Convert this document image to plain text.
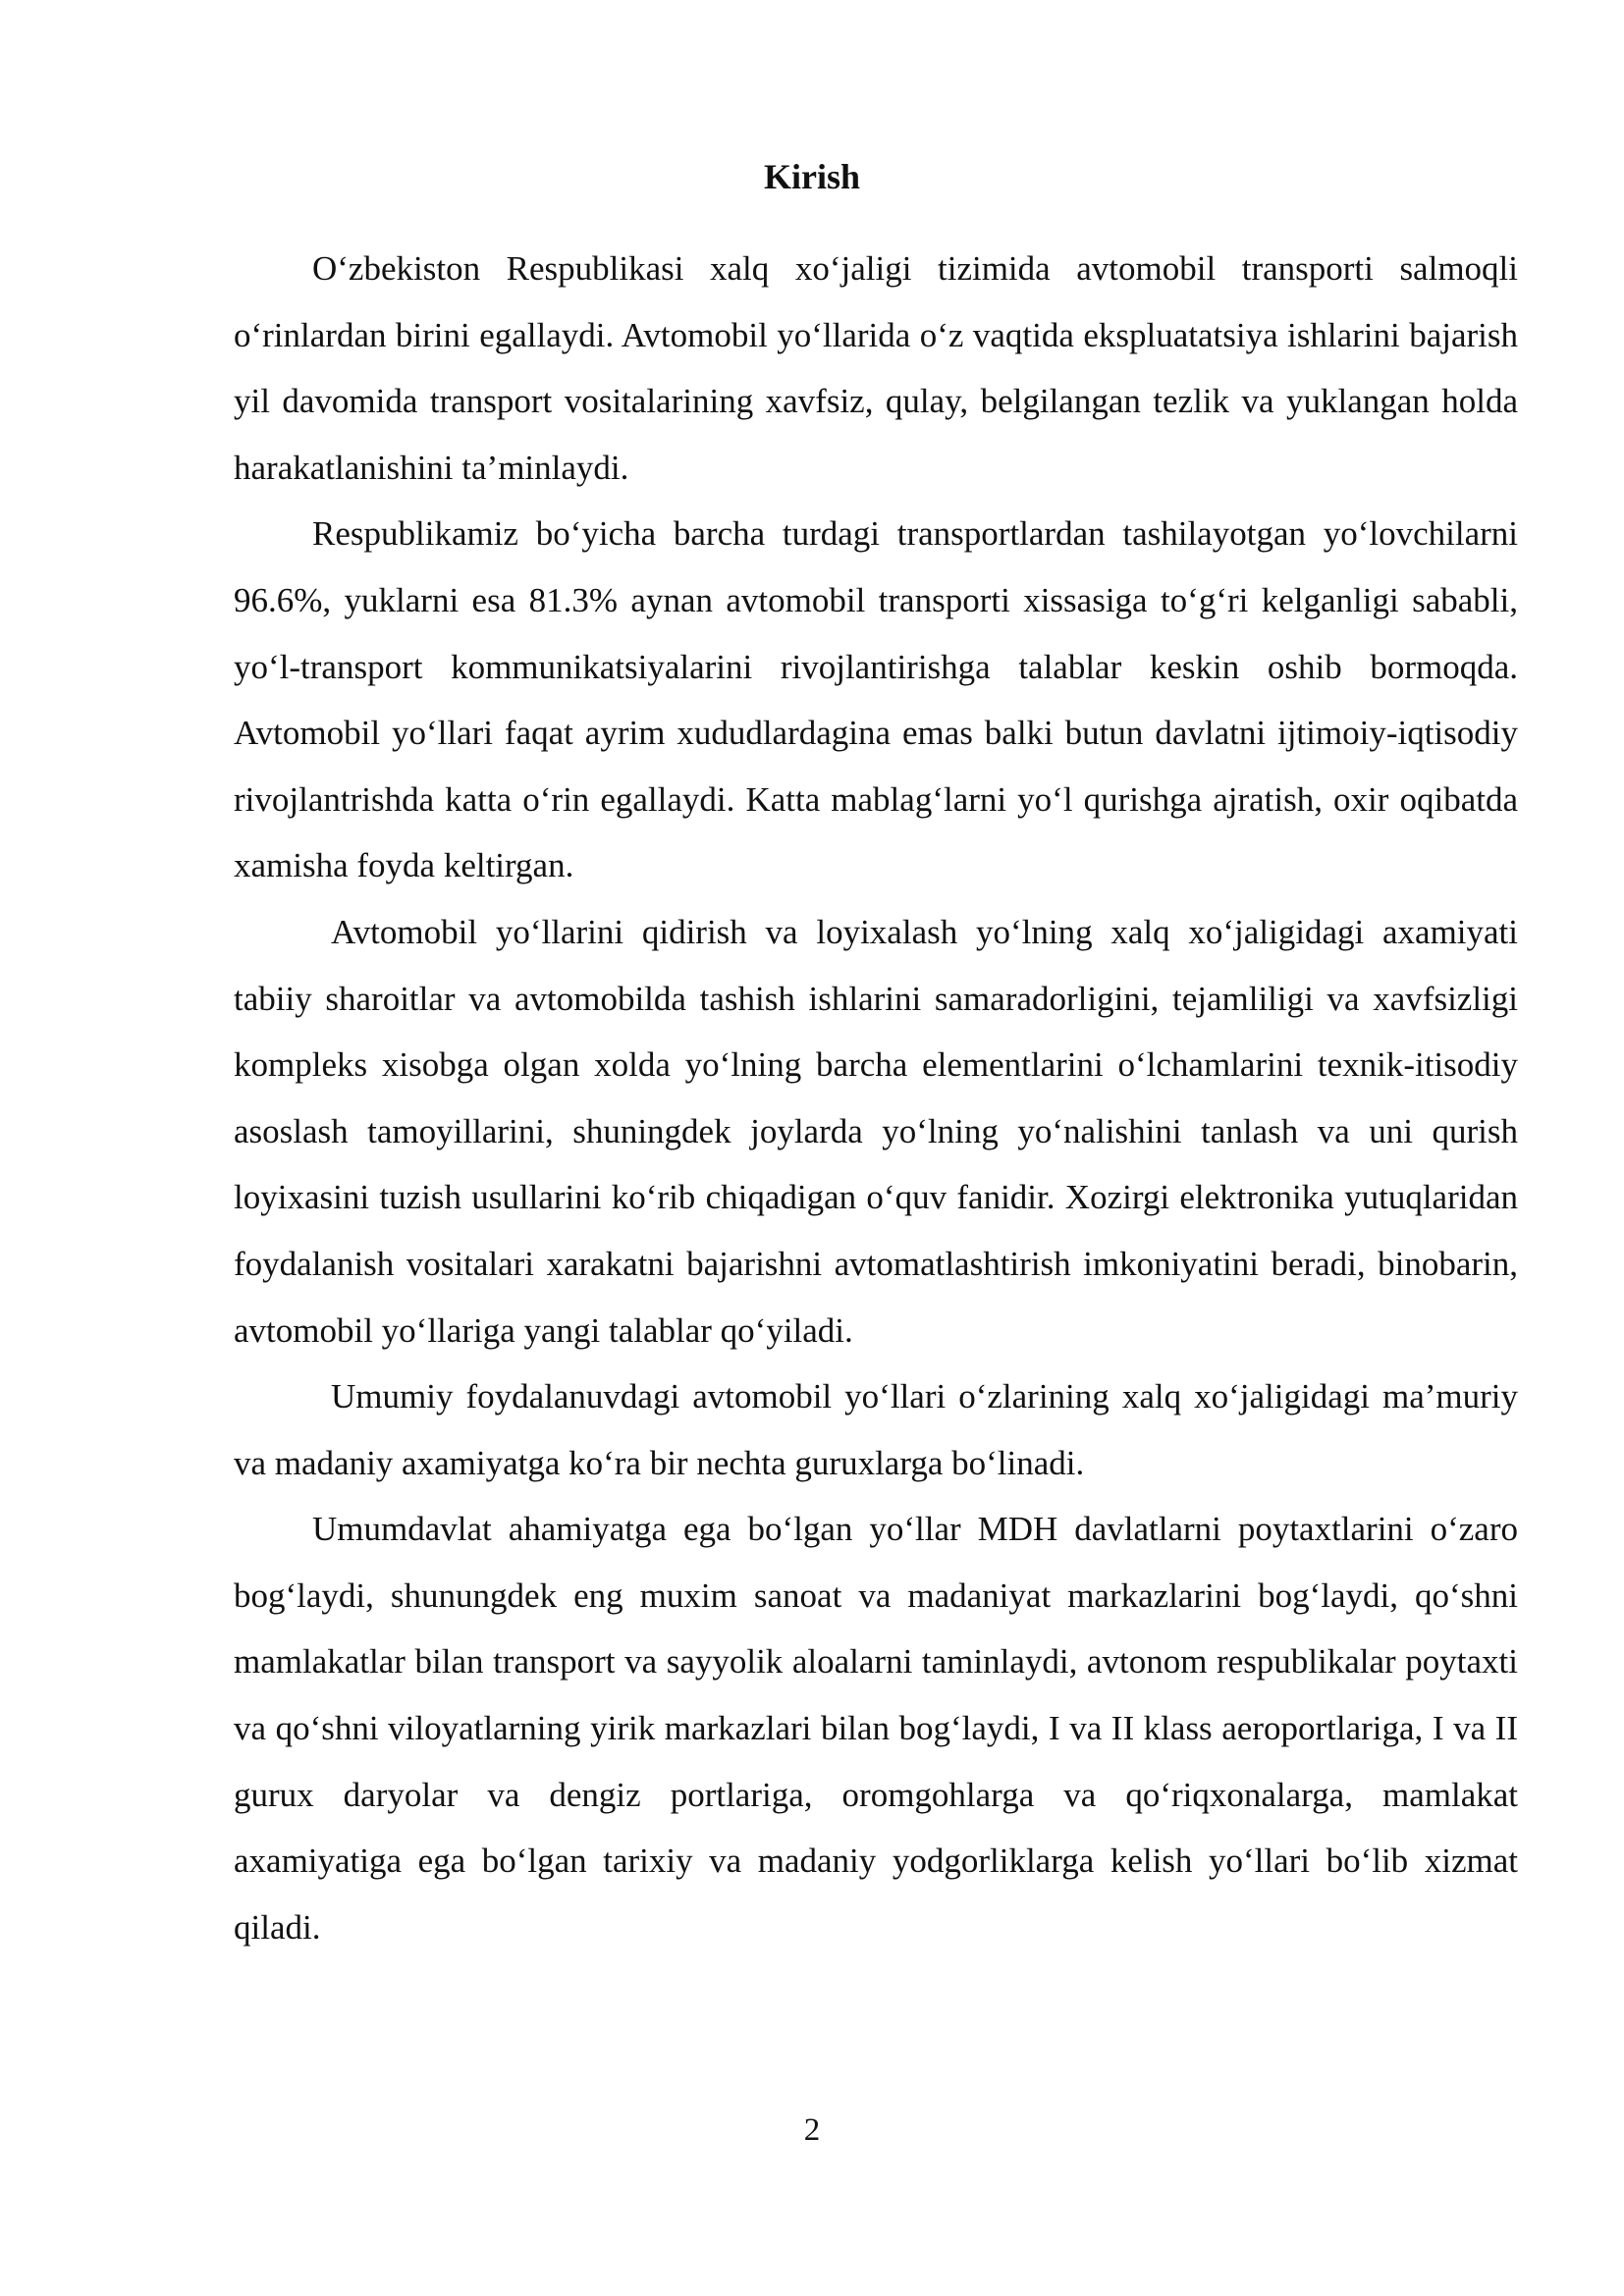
Kirish

O‘zbekiston Respublikasi xalq xo‘jaligi tizimida avtomobil transporti salmoqli o‘rinlardan birini egallaydi. Avtomobil yo‘llarida o‘z vaqtida ekspluatatsiya ishlarini bajarish yil davomida transport vositalarining xavfsiz, qulay, belgilangan tezlik va yuklangan holda harakatlanishini ta’minlaydi.

Respublikamiz bo‘yicha barcha turdagi transportlardan tashilayotgan yo‘lovchilarni 96.6%, yuklarni esa 81.3% aynan avtomobil transporti xissasiga to‘g‘ri kelganligi sababli, yo‘l-transport kommunikatsiyalarini rivojlantirishga talablar keskin oshib bormoqda. Avtomobil yo‘llari faqat ayrim xududlardagina emas balki butun davlatni ijtimoiy-iqtisodiy rivojlantrishda katta o‘rin egallaydi. Katta mablag‘larni yo‘l qurishga ajratish, oxir oqibatda xamisha foyda keltirgan.

Avtomobil yo‘llarini qidirish va loyixalash yo‘lning xalq xo‘jaligidagi axamiyati tabiiy sharoitlar va avtomobilda tashish ishlarini samaradorligini, tejamliligi va xavfsizligi kompleks xisobga olgan xolda yo‘lning barcha elementlarini o‘lchamlarini texnik-itisodiy asoslash tamoyillarini, shuningdek joylarda yo‘lning yo‘nalishini tanlash va uni qurish loyixasini tuzish usullarini ko‘rib chiqadigan o‘quv fanidir. Xozirgi elektronika yutuqlaridan foydalanish vositalari xarakatni bajarishni avtomatlashtirish imkoniyatini beradi, binobarin, avtomobil yo‘llariga yangi talablar qo‘yiladi.

Umumiy foydalanuvdagi avtomobil yo‘llari o‘zlarining xalq xo‘jaligidagi ma’muriy va madaniy axamiyatga ko‘ra bir nechta guruxlarga bo‘linadi.

Umumdavlat ahamiyatga ega bo‘lgan yo‘llar MDH davlatlarni poytaxtlarini o‘zaro bog‘laydi, shunungdek eng muxim sanoat va madaniyat markazlarini bog‘laydi, qo‘shni mamlakatlar bilan transport va sayyolik aloalarni taminlaydi, avtonom respublikalar poytaxti va qo‘shni viloyatlarning yirik markazlari bilan bog‘laydi, I va II klass aeroportlariga, I va II gurux daryolar va dengiz portlariga, oromgohlarga va qo‘riqxonalarga, mamlakat axamiyatiga ega bo‘lgan tarixiy va madaniy yodgorliklarga kelish yo‘llari bo‘lib xizmat qiladi.

2
